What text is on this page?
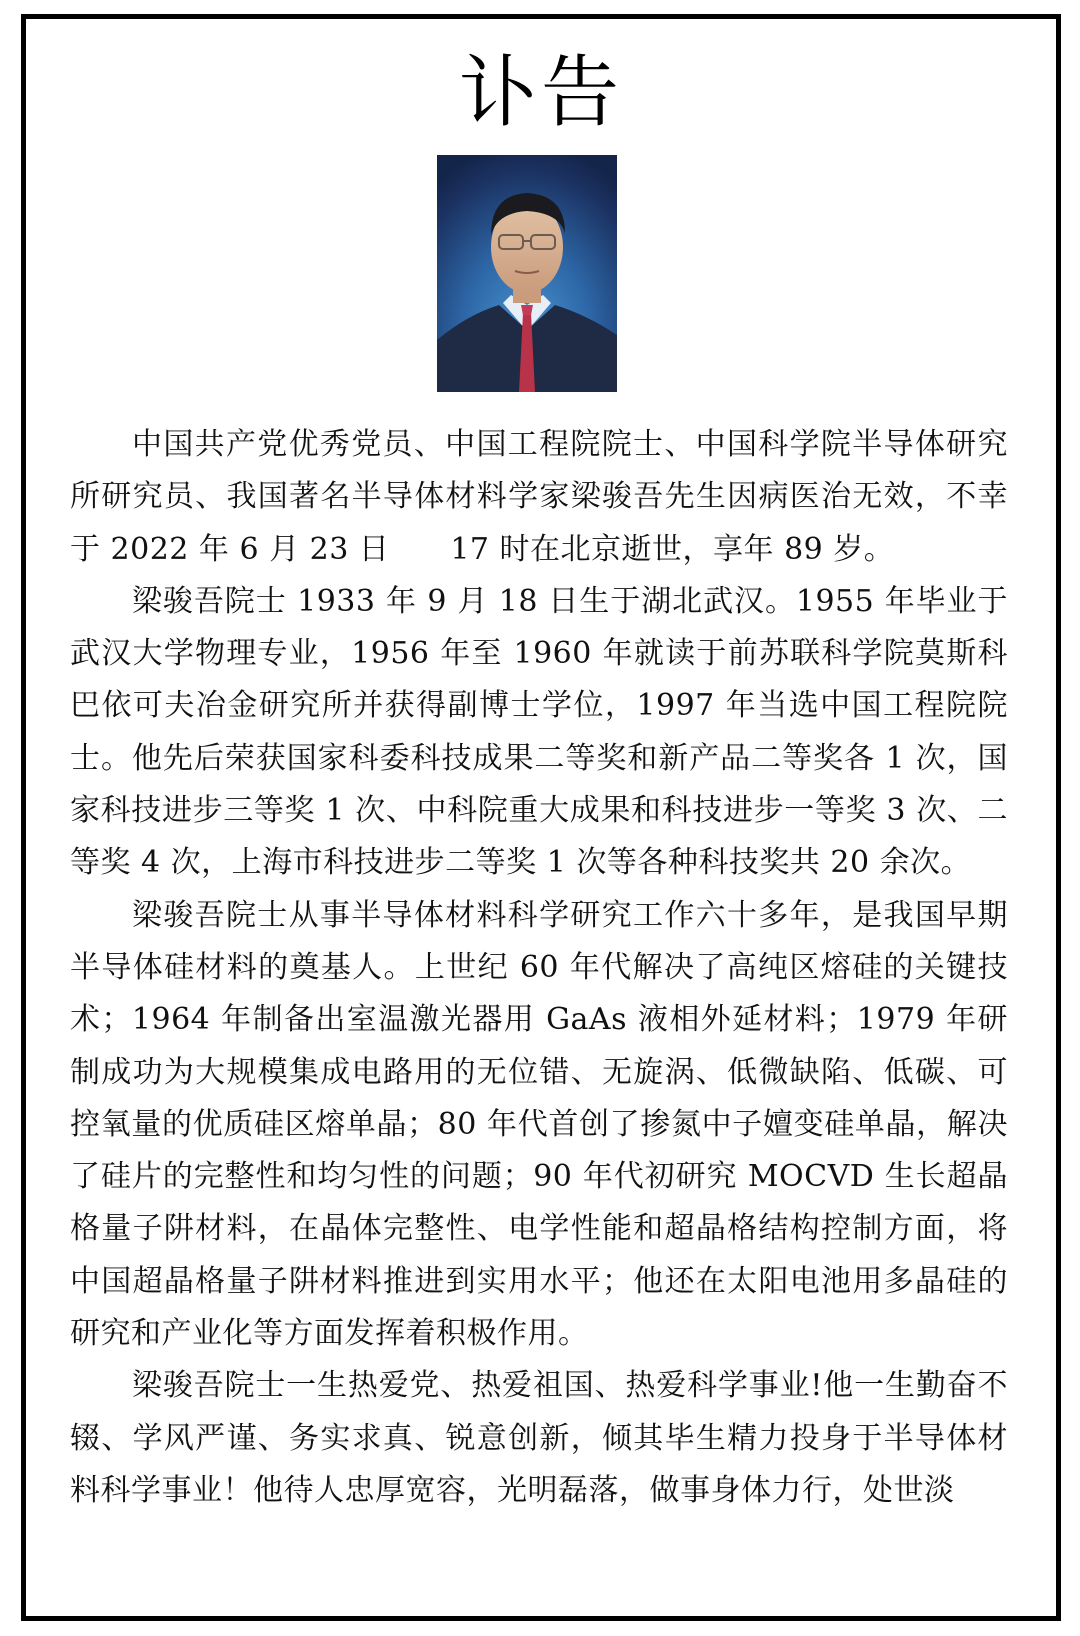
讣告

中国共产党优秀党员、中国工程院院士、中国科学院半导体研究所研究员、我国著名半导体材料学家梁骏吾先生因病医治无效，不幸于 2022 年 6 月 23 日　　17 时在北京逝世，享年 89 岁。

梁骏吾院士 1933 年 9 月 18 日生于湖北武汉。1955 年毕业于武汉大学物理专业，1956 年至 1960 年就读于前苏联科学院莫斯科巴依可夫冶金研究所并获得副博士学位，1997 年当选中国工程院院士。他先后荣获国家科委科技成果二等奖和新产品二等奖各 1 次，国家科技进步三等奖 1 次、中科院重大成果和科技进步一等奖 3 次、二等奖 4 次，上海市科技进步二等奖 1 次等各种科技奖共 20 余次。

梁骏吾院士从事半导体材料科学研究工作六十多年，是我国早期半导体硅材料的奠基人。上世纪 60 年代解决了高纯区熔硅的关键技术；1964 年制备出室温激光器用 GaAs 液相外延材料；1979 年研制成功为大规模集成电路用的无位错、无旋涡、低微缺陷、低碳、可控氧量的优质硅区熔单晶；80 年代首创了掺氮中子嬗变硅单晶，解决了硅片的完整性和均匀性的问题；90 年代初研究 MOCVD 生长超晶格量子阱材料，在晶体完整性、电学性能和超晶格结构控制方面，将中国超晶格量子阱材料推进到实用水平；他还在太阳电池用多晶硅的研究和产业化等方面发挥着积极作用。

梁骏吾院士一生热爱党、热爱祖国、热爱科学事业!他一生勤奋不辍、学风严谨、务实求真、锐意创新，倾其毕生精力投身于半导体材料科学事业！他待人忠厚宽容，光明磊落，做事身体力行，处世淡
